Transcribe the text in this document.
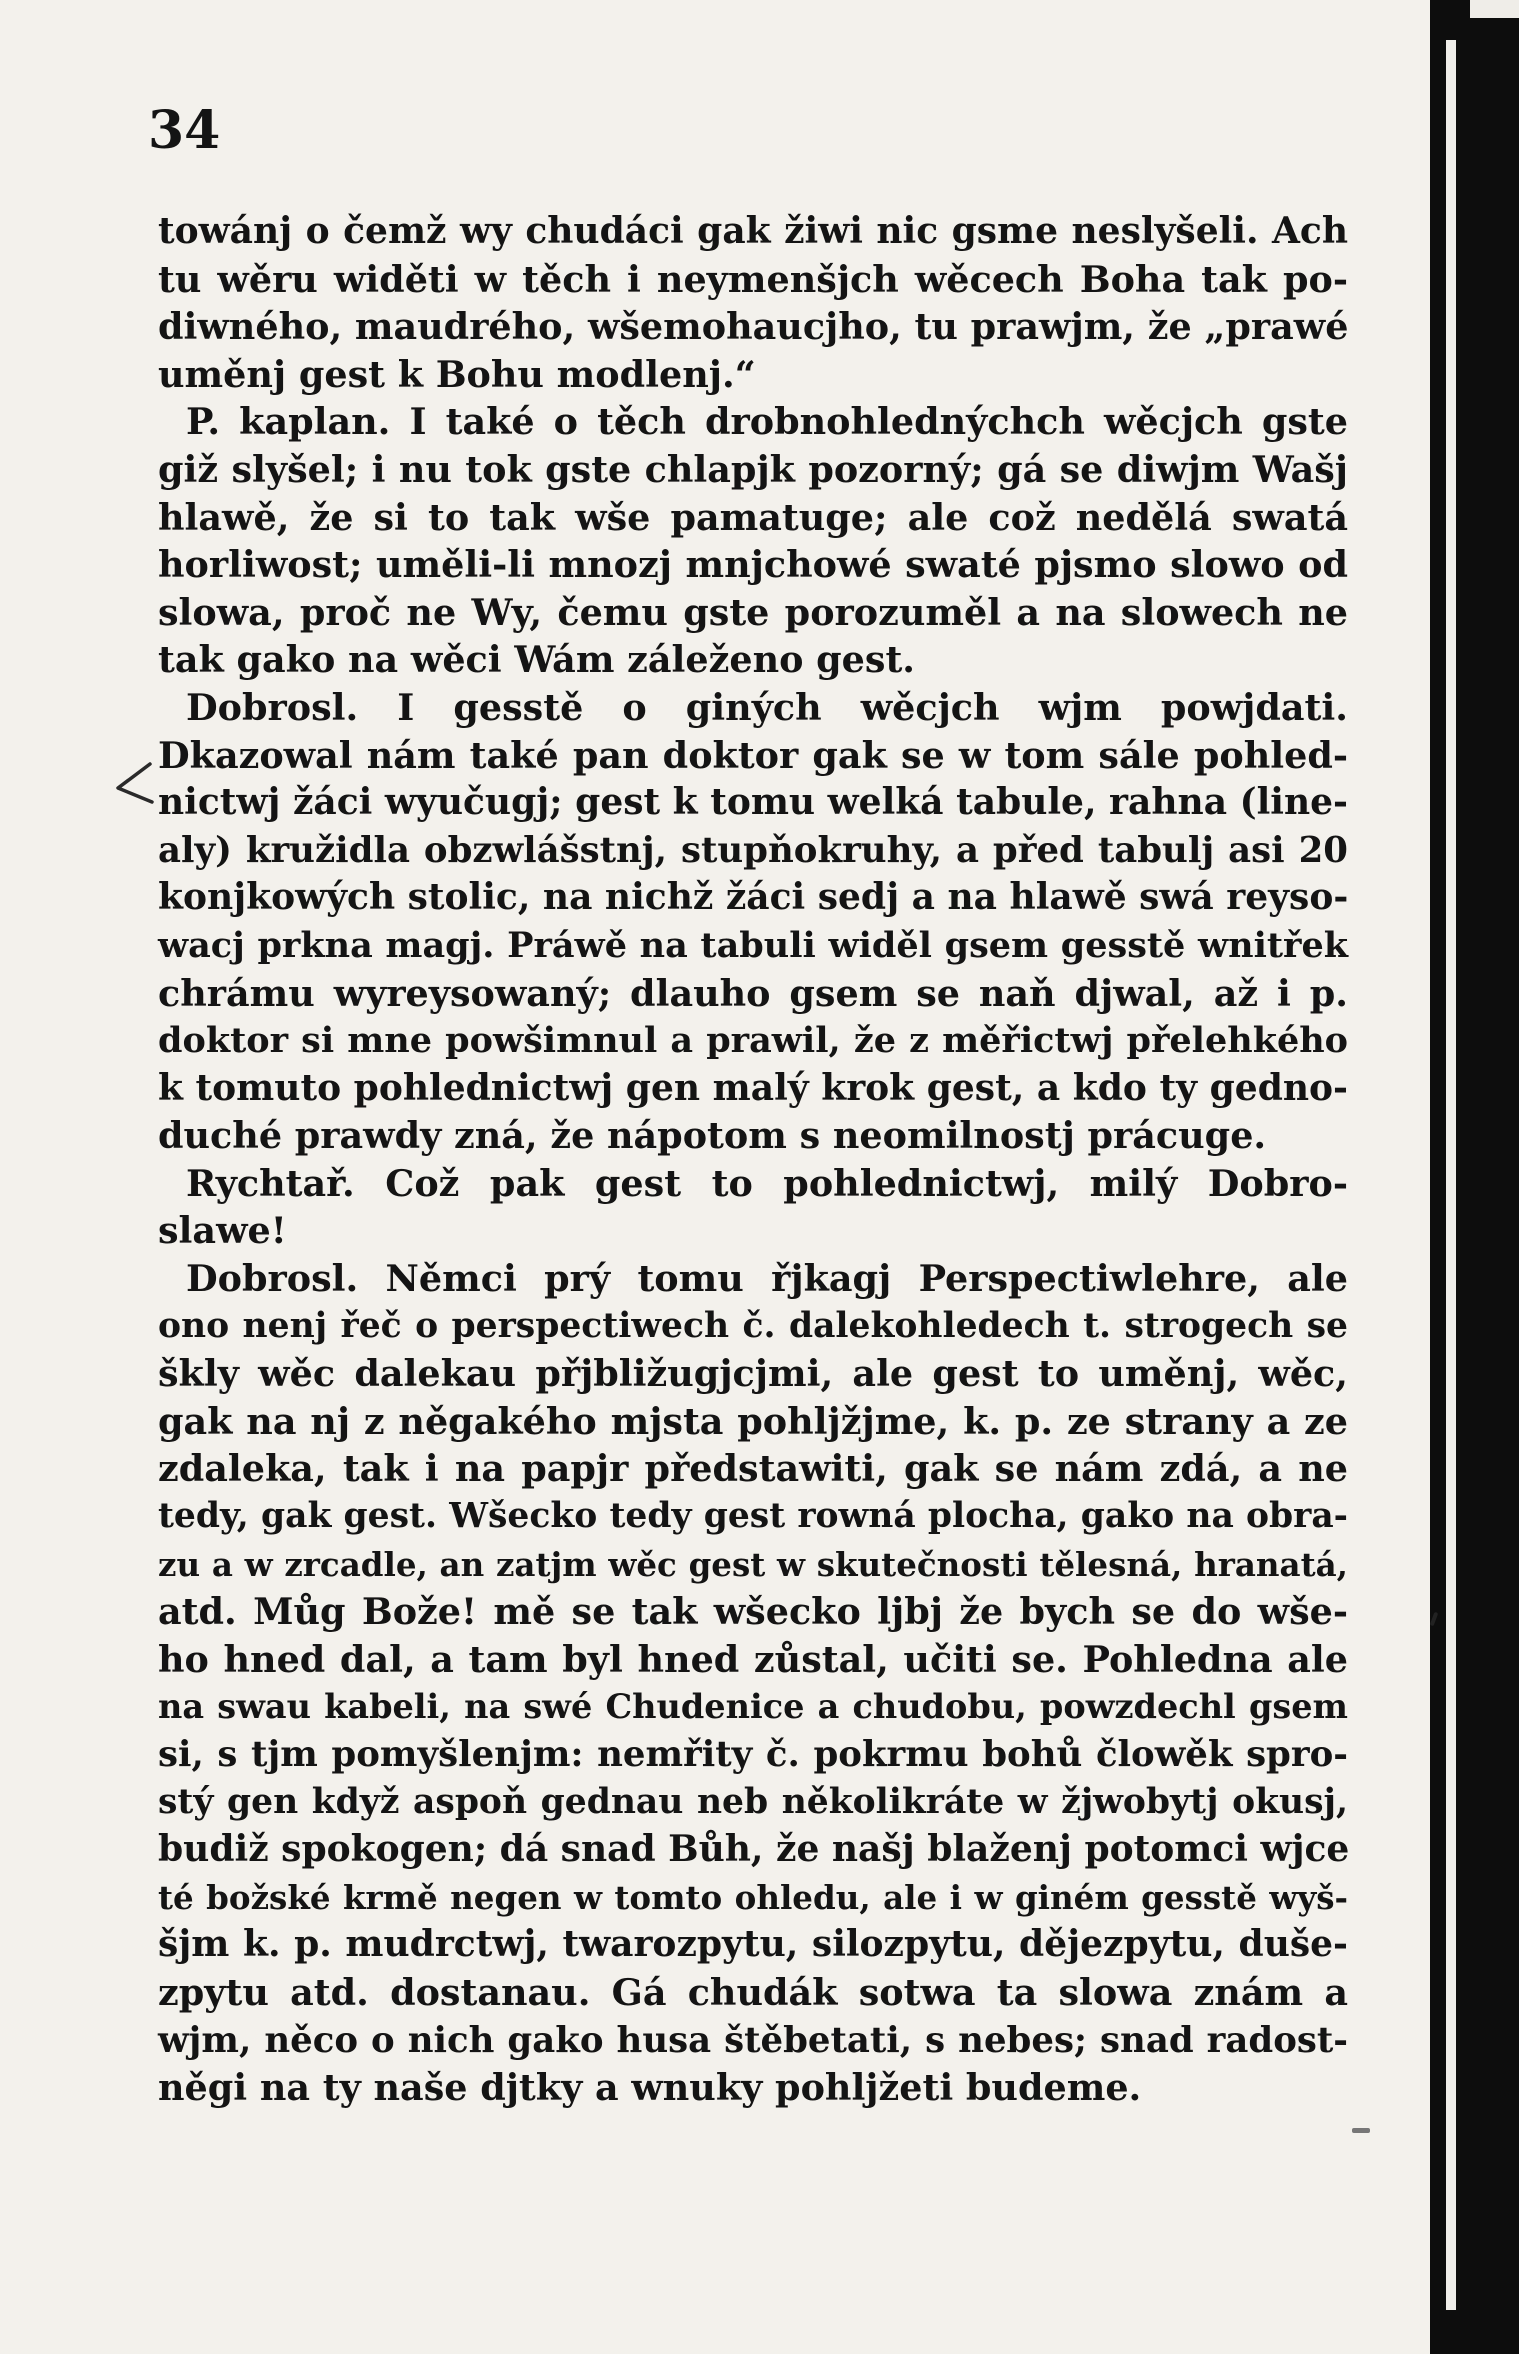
34
towánj o čemž wy chudáci gak žiwi nic gsme neslyšeli. Ach
tu wěru widěti w těch i neymenšjch wěcech Boha tak po-
diwného, maudrého, wšemohaucjho, tu prawjm, že „prawé
uměnj gest k Bohu modlenj.“
P. kaplan. I také o těch drobnohlednýchch wěcjch gste
giž slyšel; i nu tok gste chlapjk pozorný; gá se diwjm Wašj
hlawě, že si to tak wše pamatuge; ale což nedělá swatá
horliwost; uměli-li mnozj mnjchowé swaté pjsmo slowo od
slowa, proč ne Wy, čemu gste porozuměl a na slowech ne
tak gako na wěci Wám záleženo gest.
Dobrosl. I gesstě o giných wěcjch wjm powjdati.
Dkazowal nám také pan doktor gak se w tom sále pohled-
nictwj žáci wyučugj; gest k tomu welká tabule, rahna (line-
aly) kružidla obzwlášstnj, stupňokruhy, a před tabulj asi 20
konjkowých stolic, na nichž žáci sedj a na hlawě swá reyso-
wacj prkna magj. Práwě na tabuli widěl gsem gesstě wnitřek
chrámu wyreysowaný; dlauho gsem se naň djwal, až i p.
doktor si mne powšimnul a prawil, že z měřictwj přelehkého
k tomuto pohlednictwj gen malý krok gest, a kdo ty gedno-
duché prawdy zná, že nápotom s neomilnostj prácuge.
Rychtař. Což pak gest to pohlednictwj, milý Dobro-
slawe!
Dobrosl. Němci prý tomu řjkagj Perspectiwlehre, ale
ono nenj řeč o perspectiwech č. dalekohledech t. strogech se
škly wěc dalekau přjbližugjcjmi, ale gest to uměnj, wěc,
gak na nj z něgakého mjsta pohljžjme, k. p. ze strany a ze
zdaleka, tak i na papjr předstawiti, gak se nám zdá, a ne
tedy, gak gest. Wšecko tedy gest rowná plocha, gako na obra-
zu a w zrcadle, an zatjm wěc gest w skutečnosti tělesná, hranatá,
atd. Můg Bože! mě se tak wšecko ljbj že bych se do wše-
ho hned dal, a tam byl hned zůstal, učiti se. Pohledna ale
na swau kabeli, na swé Chudenice a chudobu, powzdechl gsem
si, s tjm pomyšlenjm: nemřity č. pokrmu bohů člowěk spro-
stý gen když aspoň gednau neb několikráte w žjwobytj okusj,
budiž spokogen; dá snad Bůh, že našj blaženj potomci wjce
té božské krmě negen w tomto ohledu, ale i w giném gesstě wyš-
šjm k. p. mudrctwj, twarozpytu, silozpytu, dějezpytu, duše-
zpytu atd. dostanau. Gá chudák sotwa ta slowa znám a
wjm, něco o nich gako husa štěbetati, s nebes; snad radost-
něgi na ty naše djtky a wnuky pohljžeti budeme.
